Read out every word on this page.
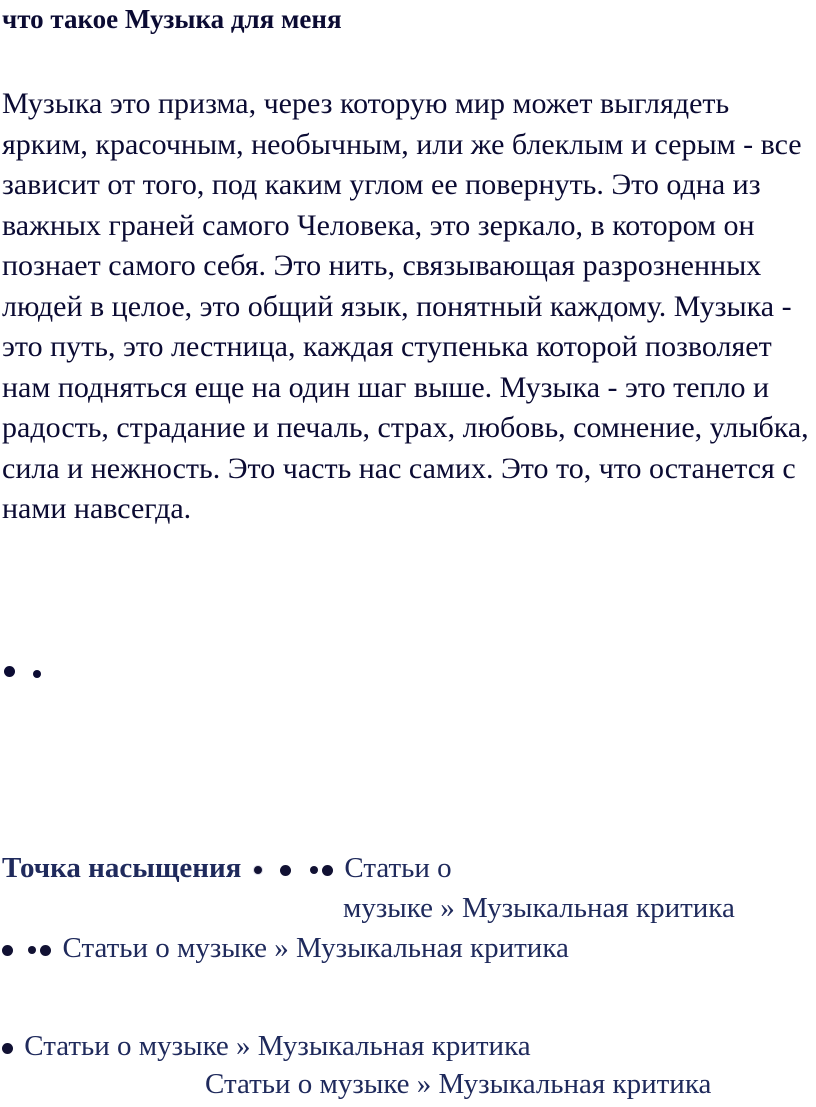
что такое Музыка для меня

Музыка это призма, через которую мир может выглядеть ярким, красочным, необычным, или же блеклым и серым - все зависит от того, под каким углом ее повернуть. Это одна из важных граней самого Человека, это зеркало, в котором он познает самого себя. Это нить, связывающая разрозненных людей в целое, это общий язык, понятный каждому. Музыка - это путь, это лестница, каждая ступенька которой позволяет нам подняться еще на один шаг выше. Музыка - это тепло и радость, страдание и печаль, страх, любовь, сомнение, улыбка, сила и нежность. Это часть нас самих. Это то, что останется с нами навсегда.

Точка насыщения	Статьи о
музыке » Музыкальная критика
Статьи о музыке » Музыкальная критика
Статьи о музыке » Музыкальная критика
Статьи о музыке » Музыкальная критика
